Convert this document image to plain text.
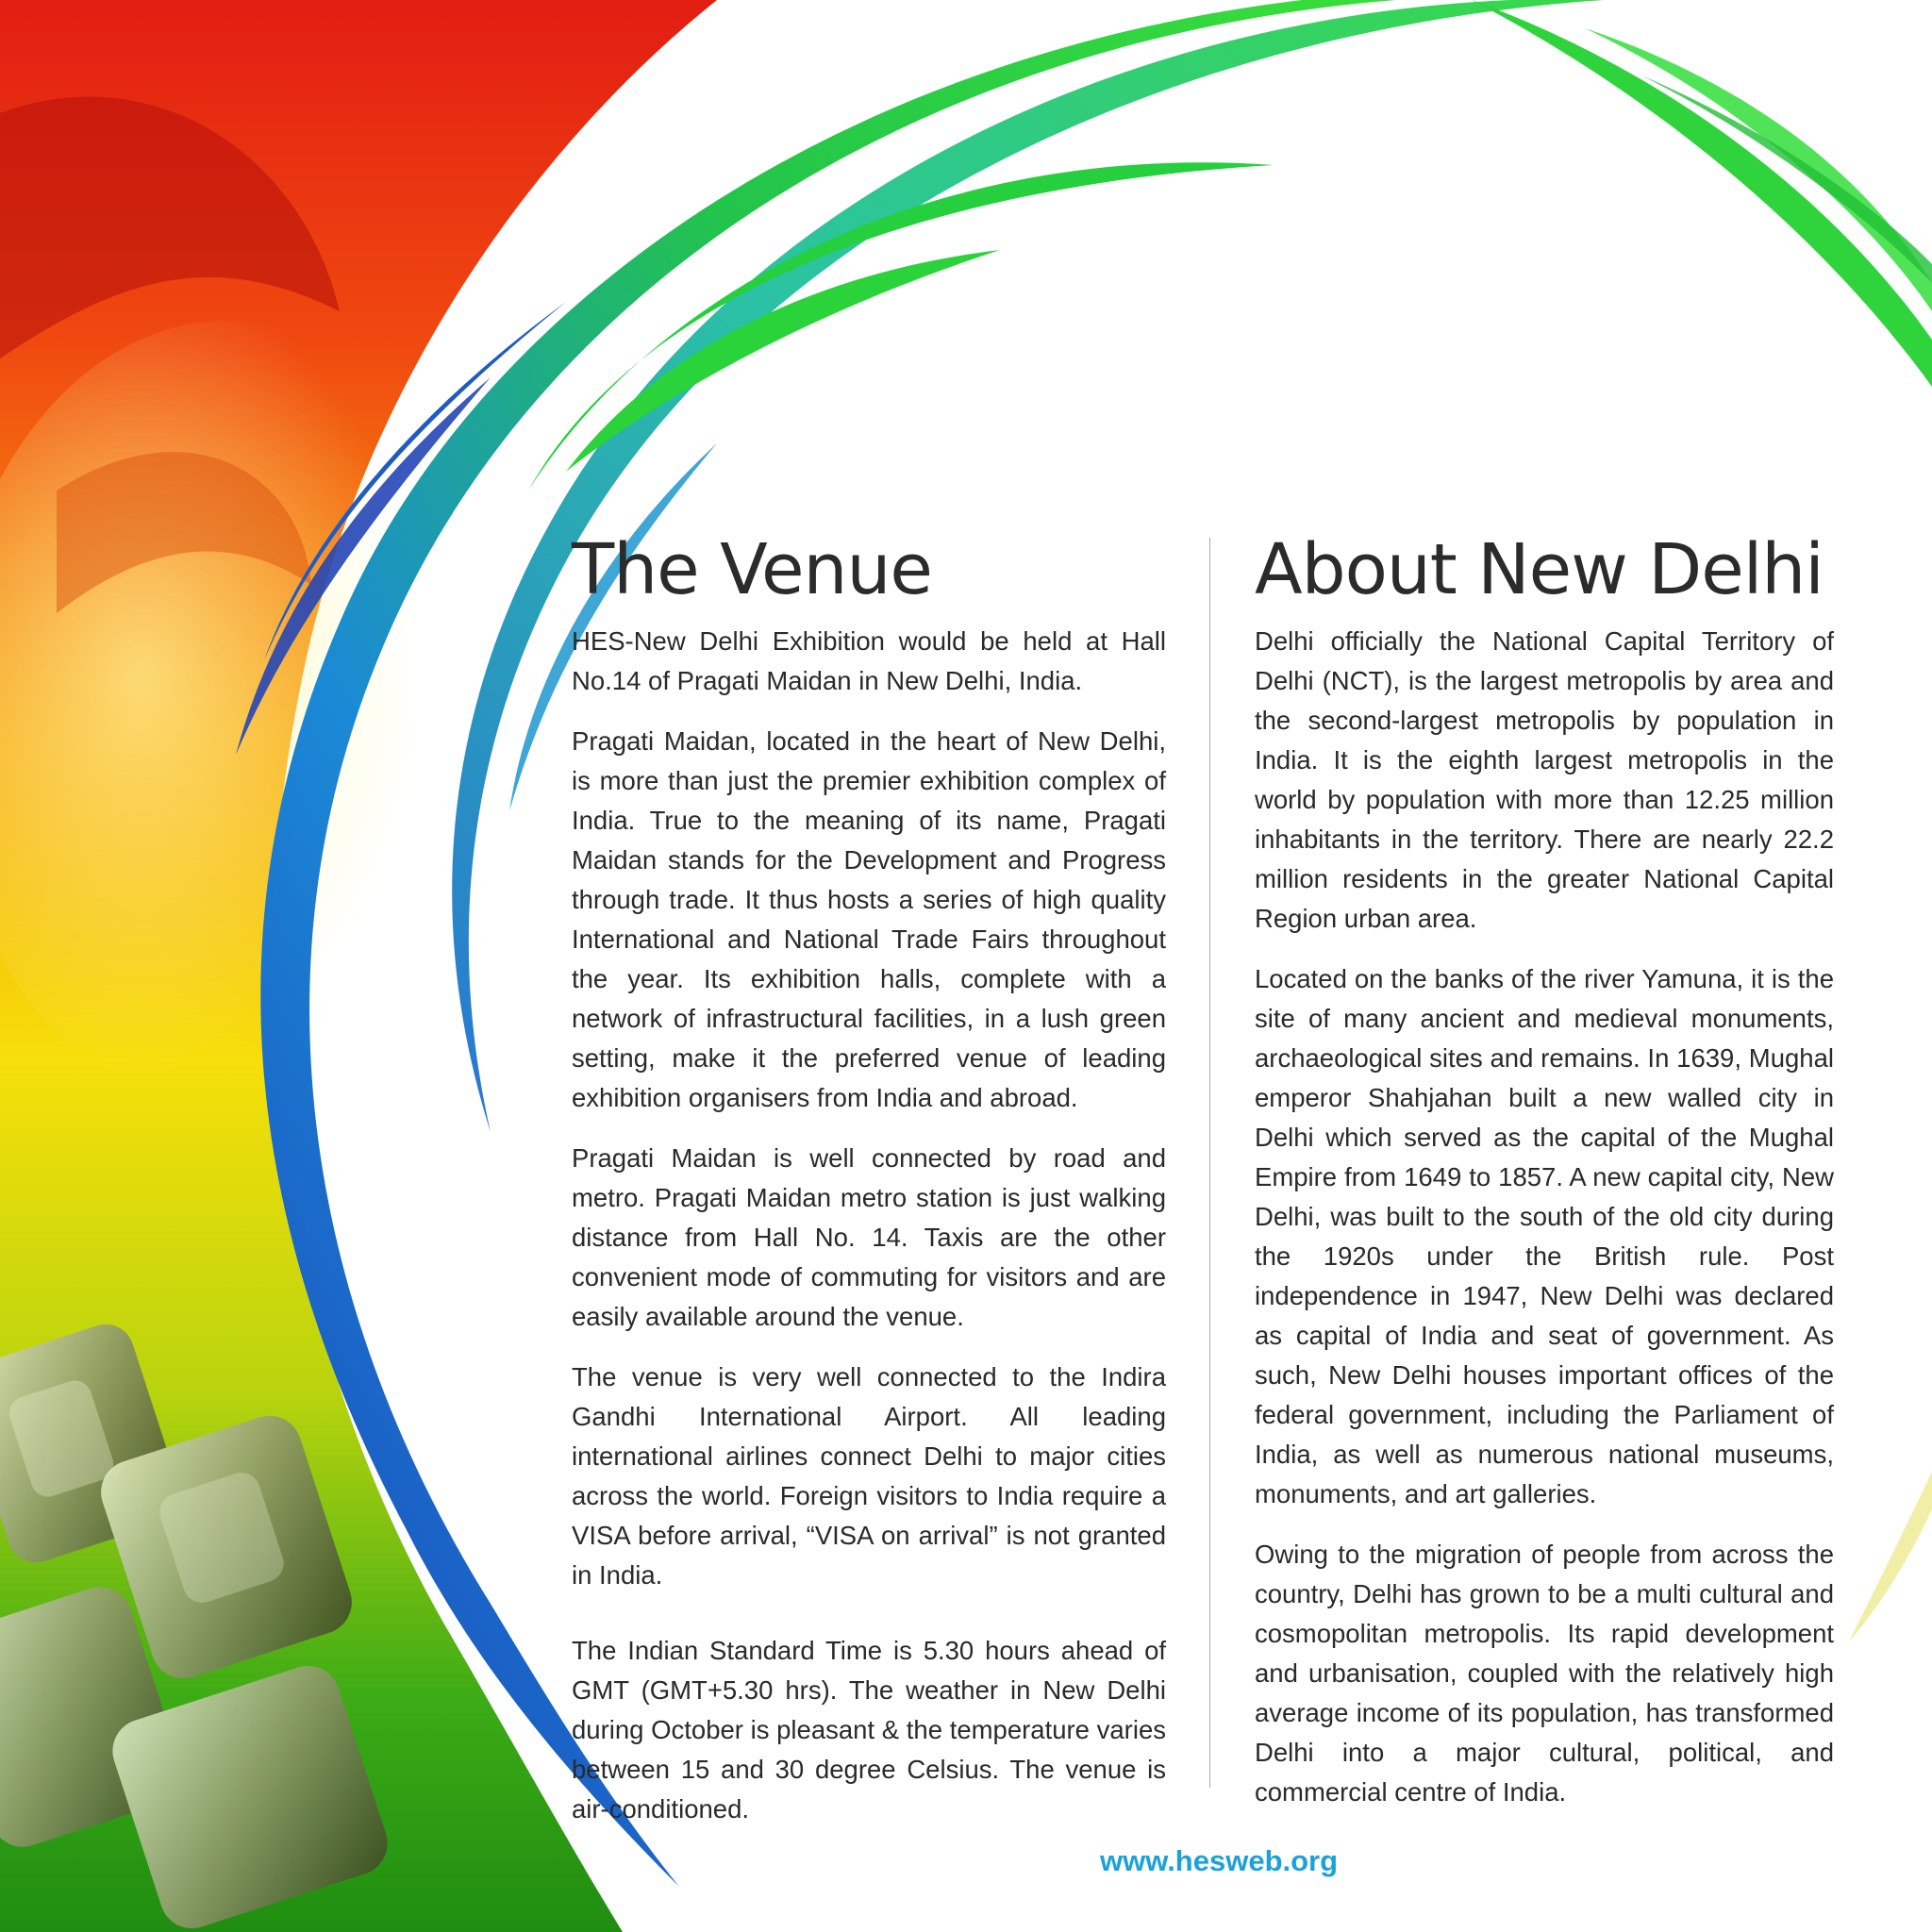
The Venue

HES-New Delhi Exhibition would be held at Hall No.14 of Pragati Maidan in New Delhi, India.

Pragati Maidan, located in the heart of New Delhi, is more than just the premier exhibition complex of India. True to the meaning of its name, Pragati Maidan stands for the Development and Progress through trade. It thus hosts a series of high quality International and National Trade Fairs throughout the year. Its exhibition halls, complete with a network of infrastructural facilities, in a lush green setting, make it the preferred venue of leading exhibition organisers from India and abroad.

Pragati Maidan is well connected by road and metro. Pragati Maidan metro station is just walking distance from Hall No. 14. Taxis are the other convenient mode of commuting for visitors and are easily available around the venue.

The venue is very well connected to the Indira Gandhi International Airport. All leading international airlines connect Delhi to major cities across the world. Foreign visitors to India require a VISA before arrival, “VISA on arrival” is not granted in India.

The Indian Standard Time is 5.30 hours ahead of GMT (GMT+5.30 hrs). The weather in New Delhi during October is pleasant & the temperature varies between 15 and 30 degree Celsius. The venue is air-conditioned.

About New Delhi

Delhi officially the National Capital Territory of Delhi (NCT), is the largest metropolis by area and the second-largest metropolis by population in India. It is the eighth largest metropolis in the world by population with more than 12.25 million inhabitants in the territory. There are nearly 22.2 million residents in the greater National Capital Region urban area.

Located on the banks of the river Yamuna, it is the site of many ancient and medieval monuments, archaeological sites and remains. In 1639, Mughal emperor Shahjahan built a new walled city in Delhi which served as the capital of the Mughal Empire from 1649 to 1857. A new capital city, New Delhi, was built to the south of the old city during the 1920s under the British rule. Post independence in 1947, New Delhi was declared as capital of India and seat of government. As such, New Delhi houses important offices of the federal government, including the Parliament of India, as well as numerous national museums, monuments, and art galleries.

Owing to the migration of people from across the country, Delhi has grown to be a multi cultural and cosmopolitan metropolis. Its rapid development and urbanisation, coupled with the relatively high average income of its population, has transformed Delhi into a major cultural, political, and commercial centre of India.

www.hesweb.org
